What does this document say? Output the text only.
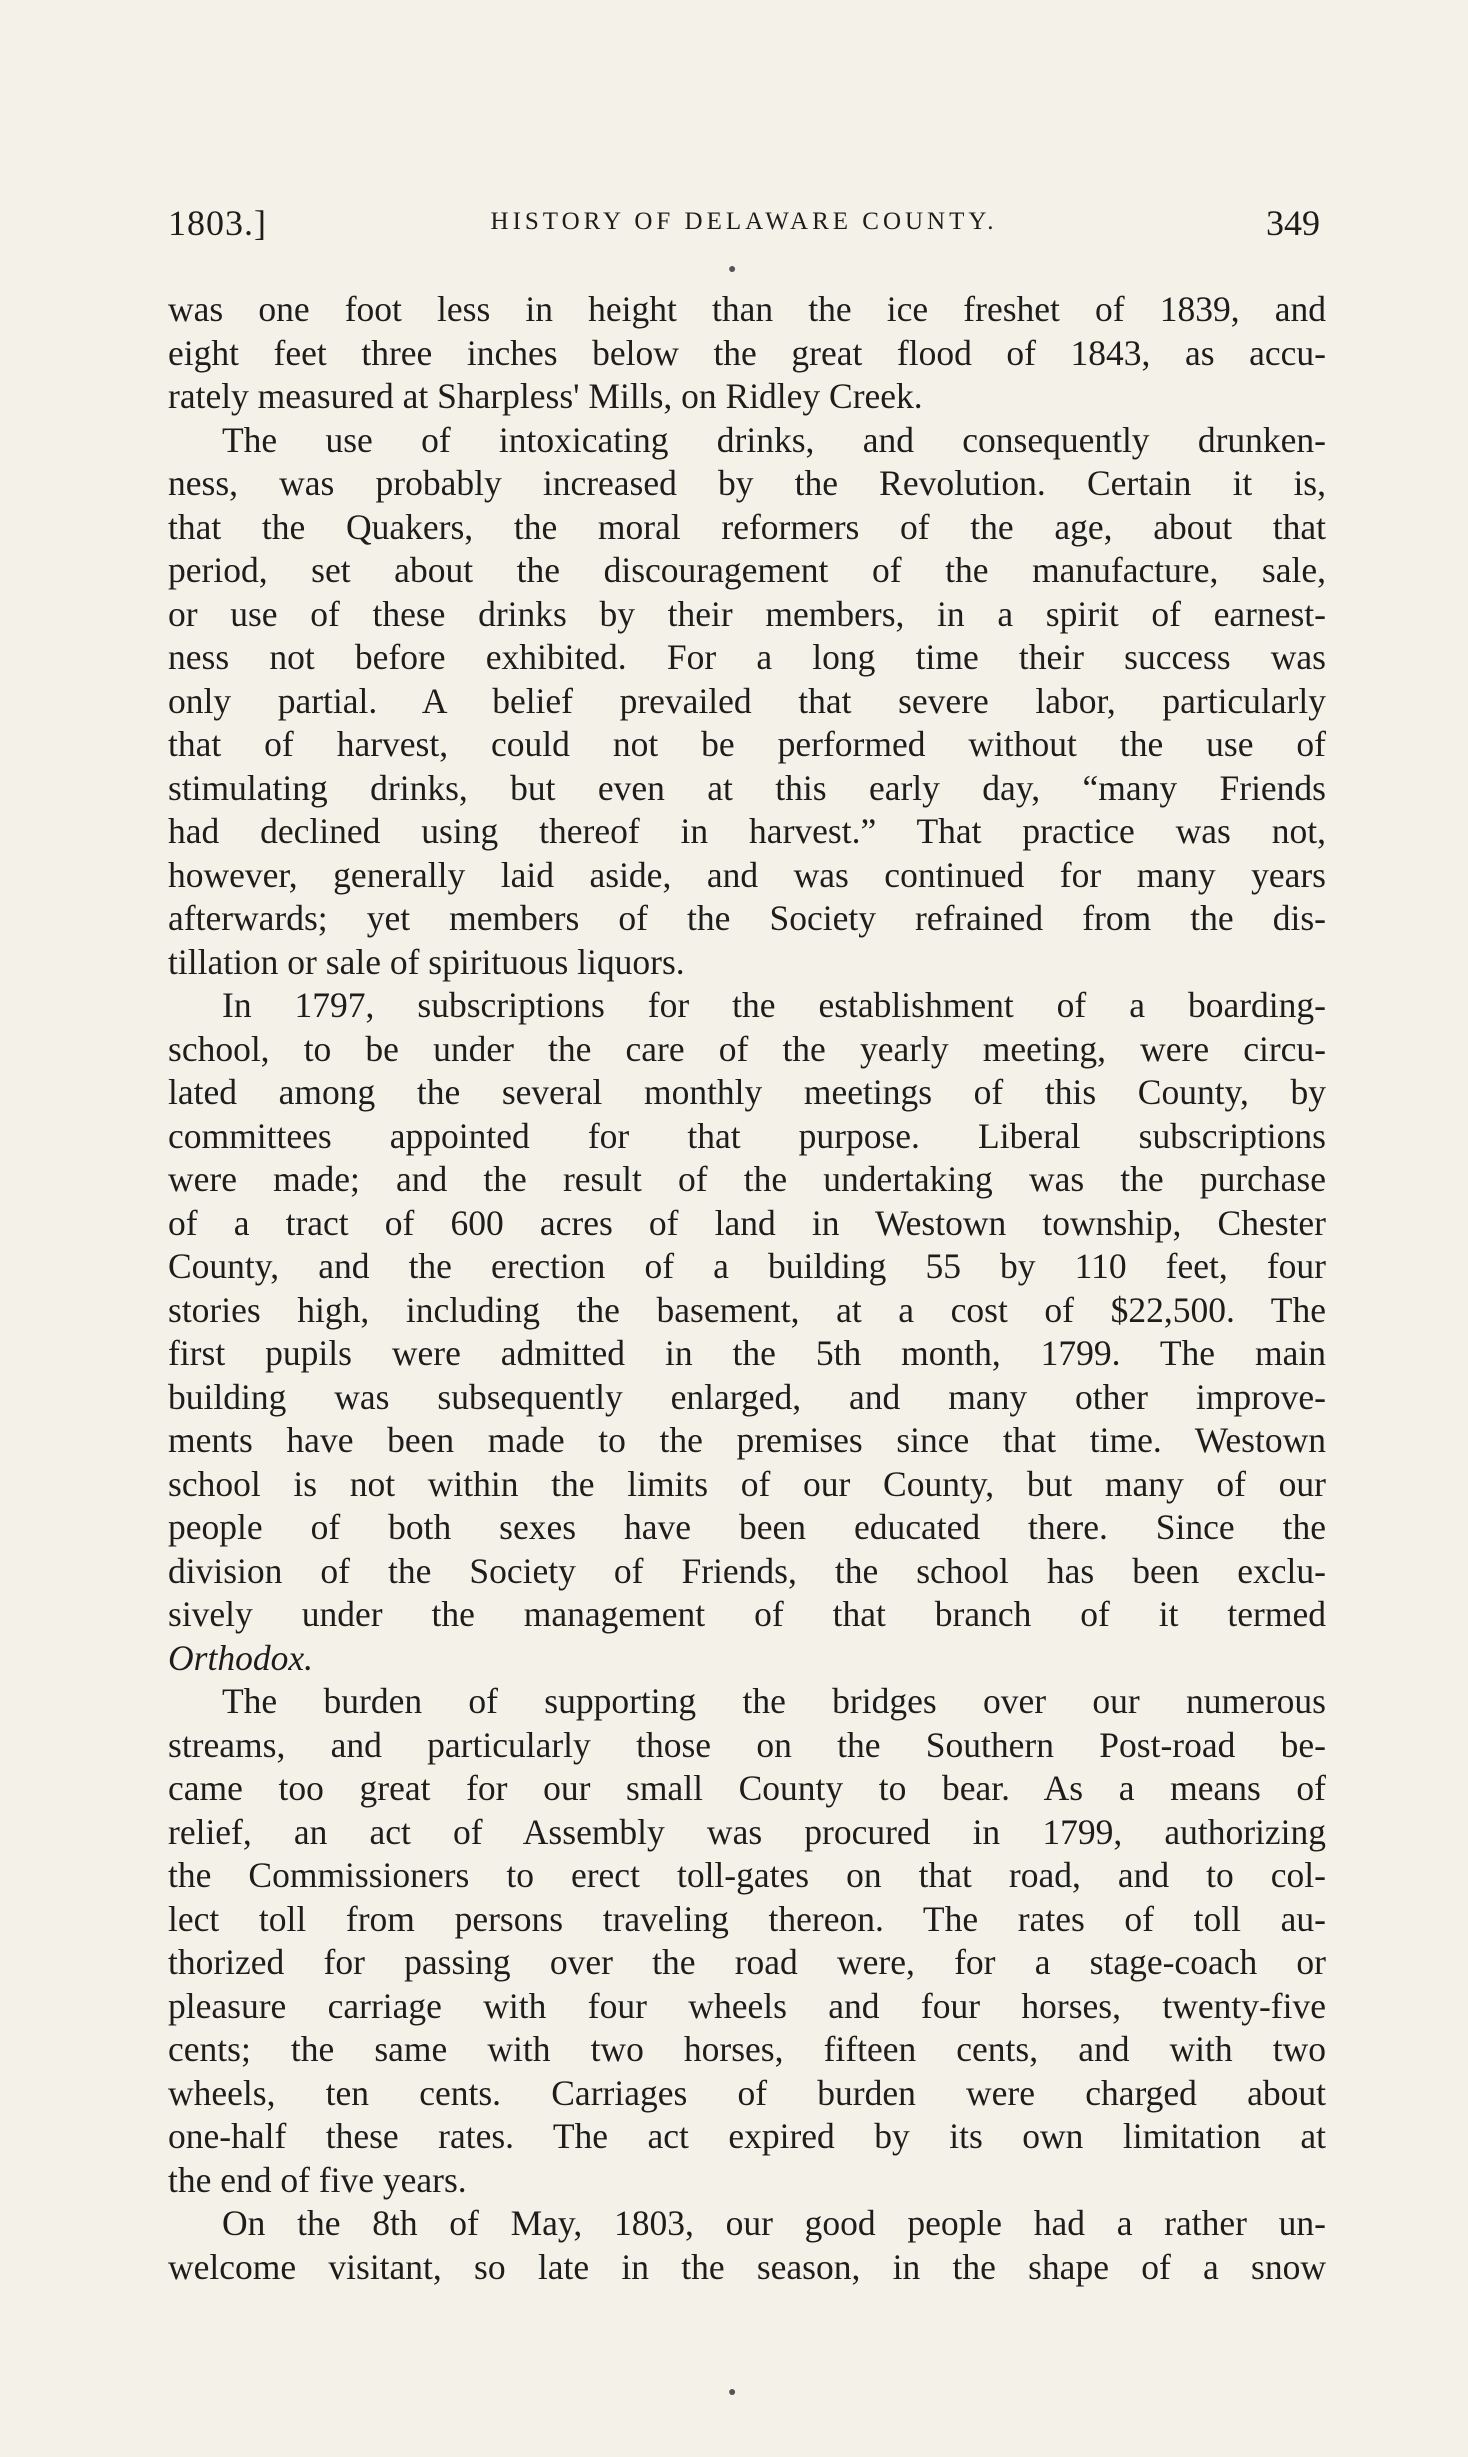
1803.]	HISTORY OF DELAWARE COUNTY.	349
was one foot less in height than the ice freshet of 1839, and
eight feet three inches below the great flood of 1843, as accu-
rately measured at Sharpless' Mills, on Ridley Creek.
The use of intoxicating drinks, and consequently drunken-
ness, was probably increased by the Revolution. Certain it is,
that the Quakers, the moral reformers of the age, about that
period, set about the discouragement of the manufacture, sale,
or use of these drinks by their members, in a spirit of earnest-
ness not before exhibited. For a long time their success was
only partial. A belief prevailed that severe labor, particularly
that of harvest, could not be performed without the use of
stimulating drinks, but even at this early day, “many Friends
had declined using thereof in harvest.” That practice was not,
however, generally laid aside, and was continued for many years
afterwards; yet members of the Society refrained from the dis-
tillation or sale of spirituous liquors.
In 1797, subscriptions for the establishment of a boarding-
school, to be under the care of the yearly meeting, were circu-
lated among the several monthly meetings of this County, by
committees appointed for that purpose. Liberal subscriptions
were made; and the result of the undertaking was the purchase
of a tract of 600 acres of land in Westown township, Chester
County, and the erection of a building 55 by 110 feet, four
stories high, including the basement, at a cost of $22,500. The
first pupils were admitted in the 5th month, 1799. The main
building was subsequently enlarged, and many other improve-
ments have been made to the premises since that time. Westown
school is not within the limits of our County, but many of our
people of both sexes have been educated there. Since the
division of the Society of Friends, the school has been exclu-
sively under the management of that branch of it termed
Orthodox.
The burden of supporting the bridges over our numerous
streams, and particularly those on the Southern Post-road be-
came too great for our small County to bear. As a means of
relief, an act of Assembly was procured in 1799, authorizing
the Commissioners to erect toll-gates on that road, and to col-
lect toll from persons traveling thereon. The rates of toll au-
thorized for passing over the road were, for a stage-coach or
pleasure carriage with four wheels and four horses, twenty-five
cents; the same with two horses, fifteen cents, and with two
wheels, ten cents. Carriages of burden were charged about
one-half these rates. The act expired by its own limitation at
the end of five years.
On the 8th of May, 1803, our good people had a rather un-
welcome visitant, so late in the season, in the shape of a snow
●
●
